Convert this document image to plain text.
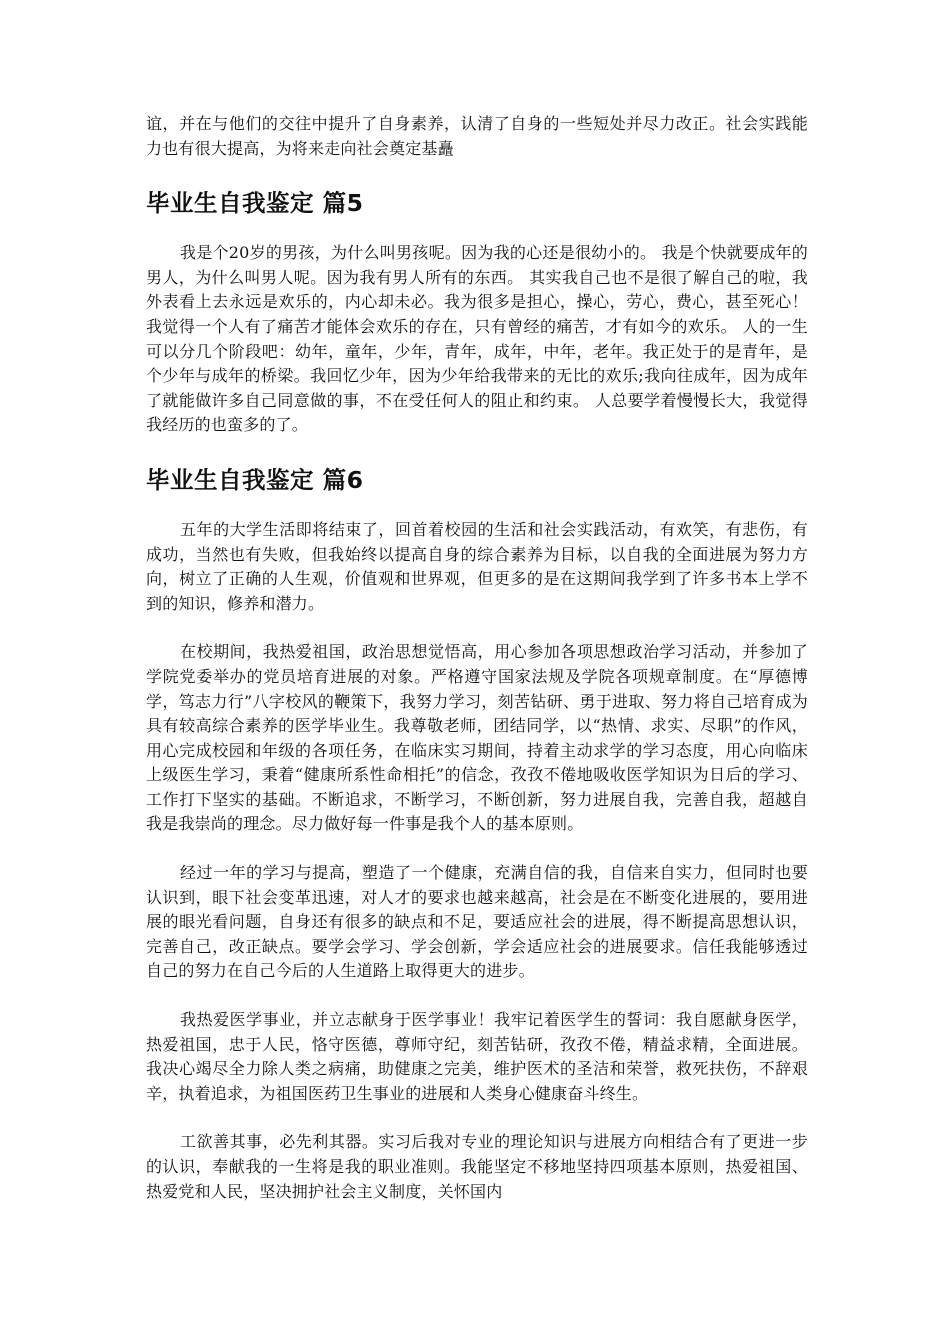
谊，并在与他们的交往中提升了自身素养，认清了自身的一些短处并尽力改正。社会实践能力也有很大提高，为将来走向社会奠定基矗

毕业生自我鉴定 篇5

我是个20岁的男孩，为什么叫男孩呢。因为我的心还是很幼小的。 我是个快就要成年的男人，为什么叫男人呢。因为我有男人所有的东西。 其实我自己也不是很了解自己的啦，我外表看上去永远是欢乐的，内心却未必。我为很多是担心，操心，劳心，费心，甚至死心！我觉得一个人有了痛苦才能体会欢乐的存在，只有曾经的痛苦，才有如今的欢乐。 人的一生可以分几个阶段吧：幼年，童年，少年，青年，成年，中年，老年。我正处于的是青年，是个少年与成年的桥梁。我回忆少年，因为少年给我带来的无比的欢乐;我向往成年，因为成年了就能做许多自己同意做的事，不在受任何人的阻止和约束。 人总要学着慢慢长大，我觉得我经历的也蛮多的了。

毕业生自我鉴定 篇6

五年的大学生活即将结束了，回首着校园的生活和社会实践活动，有欢笑，有悲伤，有成功，当然也有失败，但我始终以提高自身的综合素养为目标，以自我的全面进展为努力方向，树立了正确的人生观，价值观和世界观，但更多的是在这期间我学到了许多书本上学不到的知识，修养和潜力。

在校期间，我热爱祖国，政治思想觉悟高，用心参加各项思想政治学习活动，并参加了学院党委举办的党员培育进展的对象。严格遵守国家法规及学院各项规章制度。在“厚德博学，笃志力行”八字校风的鞭策下，我努力学习，刻苦钻研、勇于进取、努力将自己培育成为具有较高综合素养的医学毕业生。我尊敬老师，团结同学，以“热情、求实、尽职”的作风，用心完成校园和年级的各项任务，在临床实习期间，持着主动求学的学习态度，用心向临床上级医生学习，秉着“健康所系性命相托”的信念，孜孜不倦地吸收医学知识为日后的学习、工作打下坚实的基础。不断追求，不断学习，不断创新，努力进展自我，完善自我，超越自我是我崇尚的理念。尽力做好每一件事是我个人的基本原则。

经过一年的学习与提高，塑造了一个健康，充满自信的我，自信来自实力，但同时也要认识到，眼下社会变革迅速，对人才的要求也越来越高，社会是在不断变化进展的，要用进展的眼光看问题，自身还有很多的缺点和不足，要适应社会的进展，得不断提高思想认识，完善自己，改正缺点。要学会学习、学会创新，学会适应社会的进展要求。信任我能够透过自己的努力在自己今后的人生道路上取得更大的进步。

我热爱医学事业，并立志献身于医学事业！我牢记着医学生的誓词：我自愿献身医学，热爱祖国，忠于人民，恪守医德，尊师守纪，刻苦钻研，孜孜不倦，精益求精，全面进展。我决心竭尽全力除人类之病痛，助健康之完美，维护医术的圣洁和荣誉，救死扶伤，不辞艰辛，执着追求，为祖国医药卫生事业的进展和人类身心健康奋斗终生。

工欲善其事，必先利其器。实习后我对专业的理论知识与进展方向相结合有了更进一步的认识，奉献我的一生将是我的职业准则。我能坚定不移地坚持四项基本原则，热爱祖国、热爱党和人民，坚决拥护社会主义制度，关怀国内
